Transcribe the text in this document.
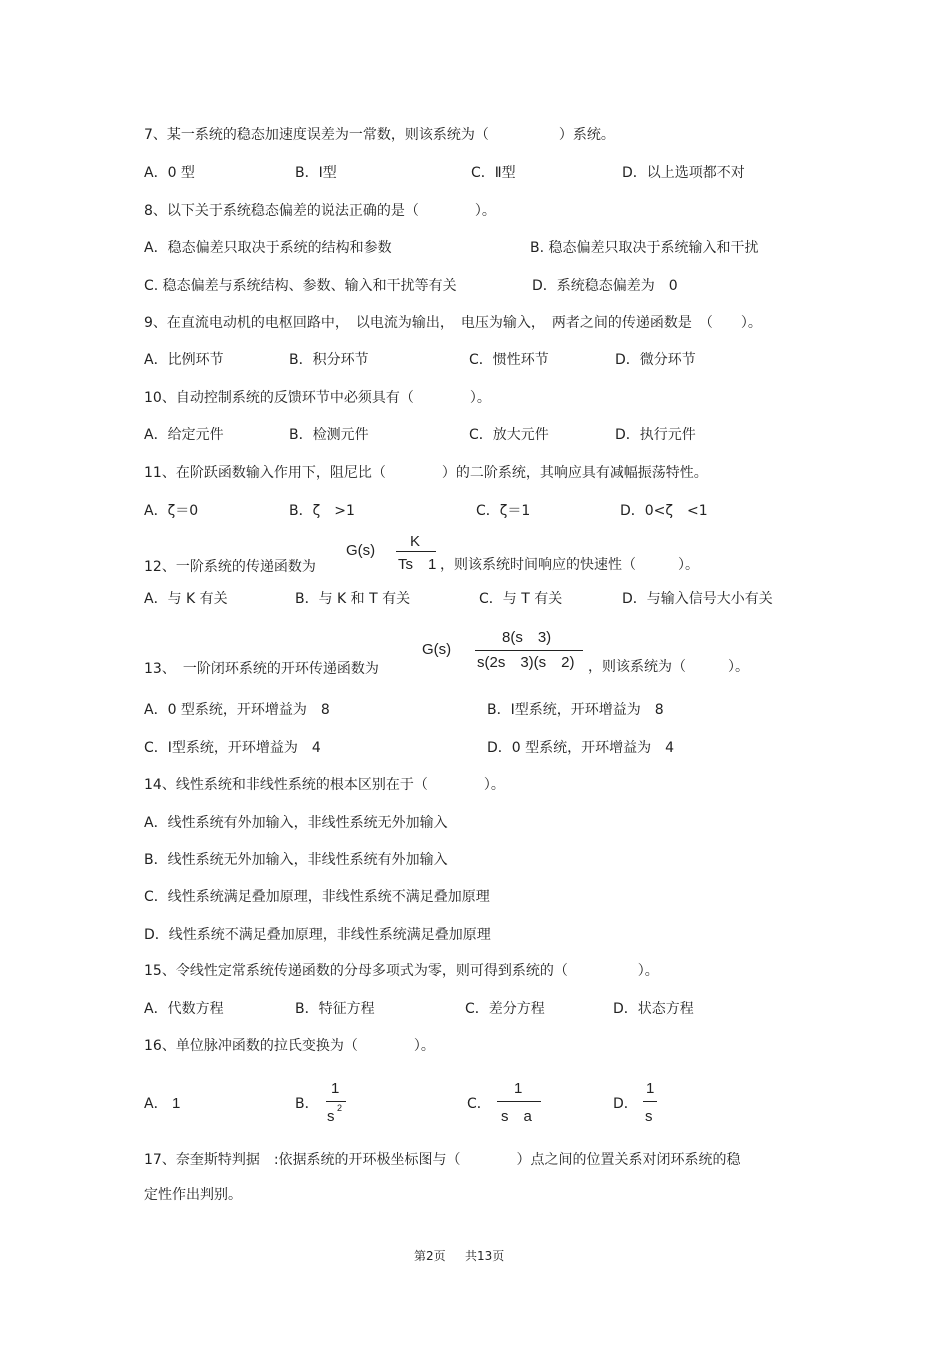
7、某一系统的稳态加速度误差为一常数，则该系统为（　　　　　）系统。
A．0 型	B．Ⅰ型	C．Ⅱ型	D．以上选项都不对
8、以下关于系统稳态偏差的说法正确的是（　　　　）。
A．稳态偏差只取决于系统的结构和参数	B. 稳态偏差只取决于系统输入和干扰
C. 稳态偏差与系统结构、参数、输入和干扰等有关	D．系统稳态偏差为　0
9、在直流电动机的电枢回路中，　以电流为输出，　电压为输入，　两者之间的传递函数是　（　　）。
A．比例环节	B．积分环节	C．惯性环节	D．微分环节
10、自动控制系统的反馈环节中必须具有（　　　　）。
A．给定元件	B．检测元件	C．放大元件	D．执行元件
11、在阶跃函数输入作用下，阻尼比（　　　　）的二阶系统，其响应具有减幅振荡特性。
A．ζ＝0	B．ζ　>1	C．ζ＝1	D．0<ζ　<1
12、一阶系统的传递函数为
G(s)
K
Ts　1 ，则该系统时间响应的快速性（　　　）。
A．与 K 有关	B．与 K 和 T 有关	C．与 T 有关	D．与输入信号大小有关
13、　一阶闭环系统的开环传递函数为
G(s)
8(s　3)
s(2s　3)(s　2) ，则该系统为（　　　）。
A．0 型系统，开环增益为　8	B．Ⅰ型系统，开环增益为　8
C．Ⅰ型系统，开环增益为　4	D．0 型系统，开环增益为　4
14、线性系统和非线性系统的根本区别在于（　　　　）。
A．线性系统有外加输入，非线性系统无外加输入
B．线性系统无外加输入，非线性系统有外加输入
C．线性系统满足叠加原理，非线性系统不满足叠加原理
D．线性系统不满足叠加原理，非线性系统满足叠加原理
15、令线性定常系统传递函数的分母多项式为零，则可得到系统的（　　　　　）。
A．代数方程	B．特征方程	C．差分方程	D．状态方程
16、单位脉冲函数的拉氏变换为（　　　　）。
A． 1	B．
1
s 2	C．
1
s　a
D．
1
s
17、奈奎斯特判据　:依据系统的开环极坐标图与（　　　　）点之间的位置关系对闭环系统的稳
定性作出判别。
第2页 共13页
